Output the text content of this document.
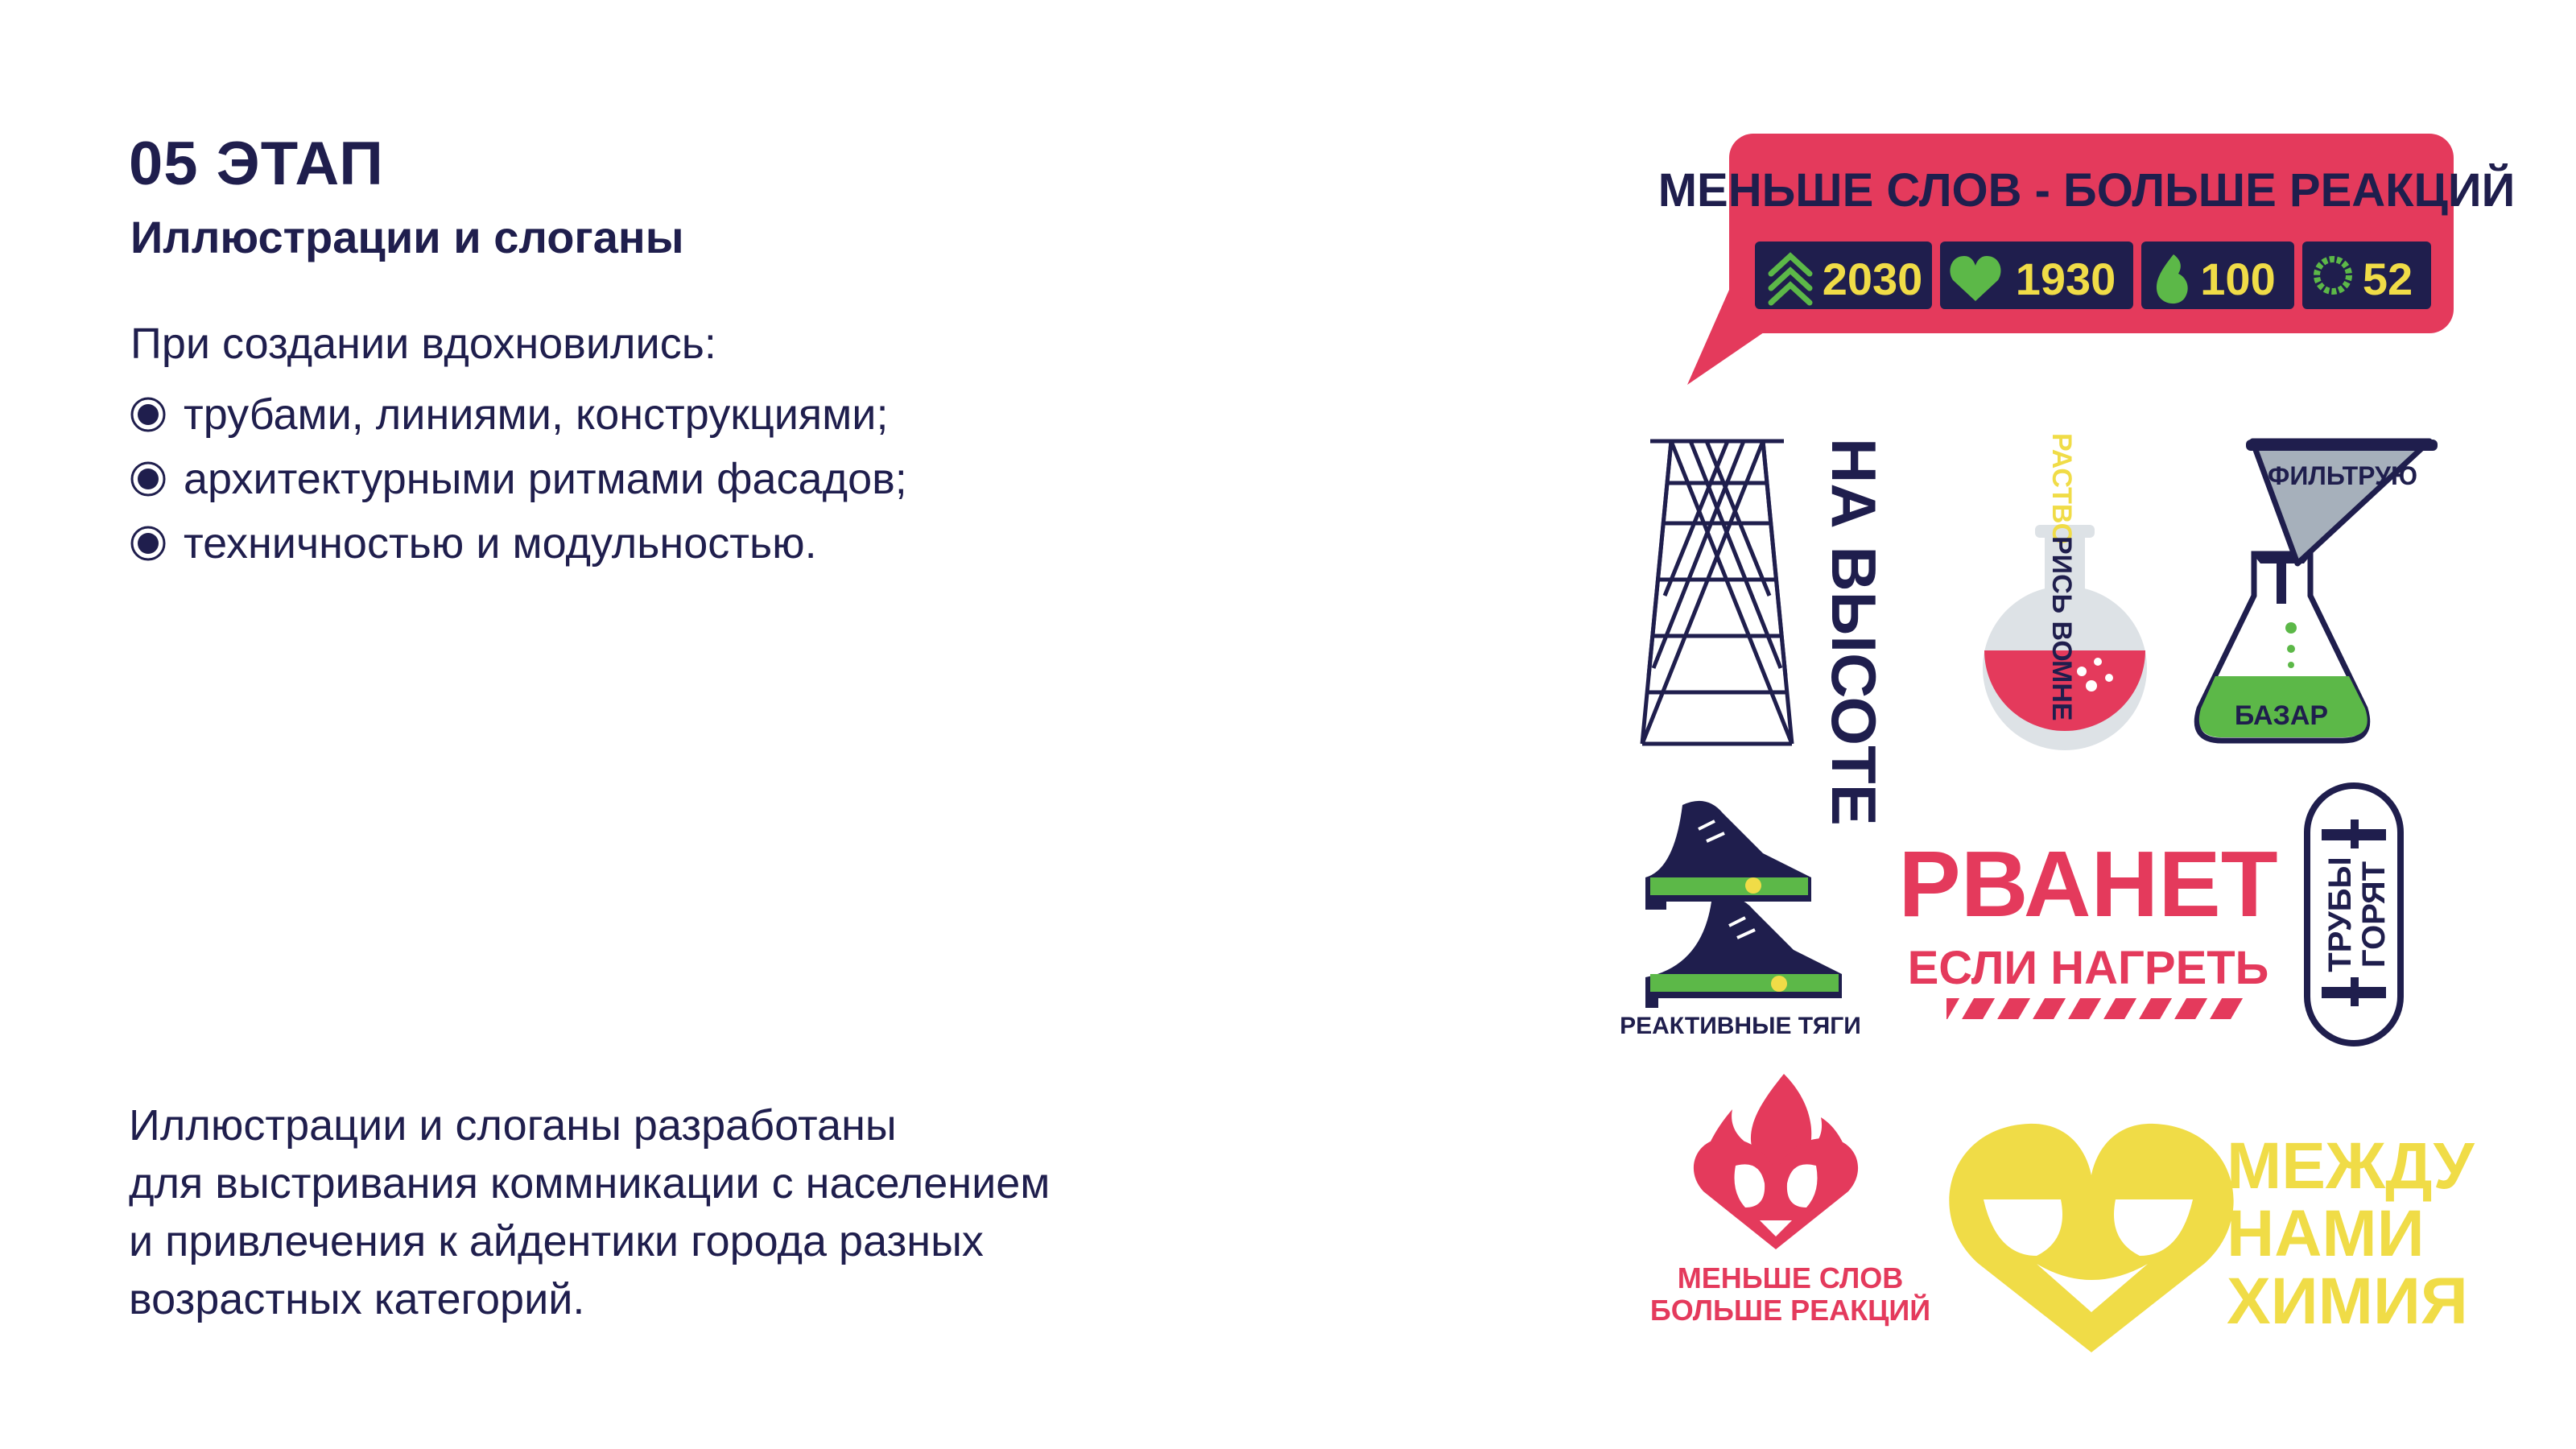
05 ЭТАП
Иллюстрации и слоганы

При создании вдохновились:

трубами, линиями, конструкциями;
архитектурными ритмами фасадов;
техничностью и модульностью.
Иллюстрации и слоганы разработаны
для выстривания коммникации с населением
и привлечения к айдентики города разных
возрастных категорий.
МЕНЬШЕ СЛОВ - БОЛЬШЕ РЕАКЦИЙ
2030 1930 100 52
НА ВЫСОТЕ	РАСТВО
РИСЬ ВО
МНЕ
ФИЛЬТРУЮ
БАЗАР
РЕАКТИВНЫЕ ТЯГИ
РВАНЕТ
ЕСЛИ НАГРЕТЬ ТРУБЫ
ГОРЯТ
МЕНЬШЕ СЛОВ
БОЛЬШЕ РЕАКЦИЙ
МЕЖДУ
НАМИ
ХИМИЯ
